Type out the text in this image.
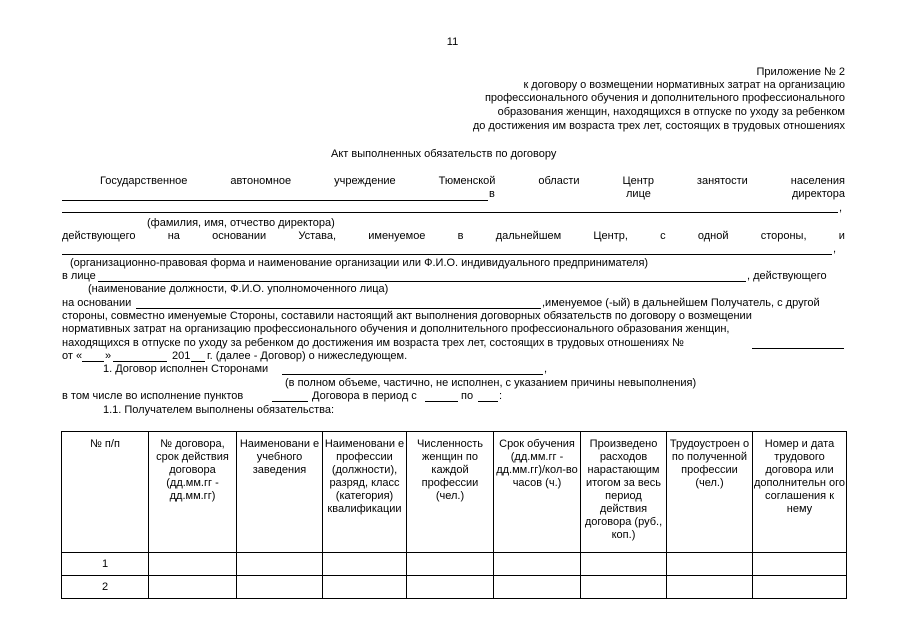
11
Приложение № 2
к договору о возмещении нормативных затрат на организацию
профессионального обучения и дополнительного профессионального
образования женщин, находящихся в отпуске по уходу за ребенком
до достижения им возраста трех лет, состоящих в трудовых отношениях
Акт выполненных обязательств по договору
Государственное	автономное	учреждение	Тюменской	области	Центр	занятости	населения
в	лице	директора
,
(фамилия, имя, отчество директора)
действующего	на	основании	Устава,	именуемое	в	дальнейшем	Центр,	с	одной	стороны,	и
,
(организационно-правовая форма и наименование организации или Ф.И.О. индивидуального предпринимателя)
в лице	, действующего
(наименование должности, Ф.И.О. уполномоченного лица)
на основании	,именуемое (-ый) в дальнейшем Получатель, с другой
стороны, совместно именуемые Стороны, составили настоящий акт выполнения договорных обязательств по договору о возмещении
нормативных затрат на организацию профессионального обучения и дополнительного профессионального образования женщин,
находящихся в отпуске по уходу за ребенком до достижения им возраста трех лет, состоящих в трудовых отношениях №
от « »	201 г. (далее - Договор) о нижеследующем.
1. Договор исполнен Сторонами	,
(в полном объеме, частично, не исполнен, с указанием причины невыполнения)
в том числе во исполнение пунктов	Договора в период с	по :
1.1. Получателем выполнены обязательства:
№ п/п	№ договора, срок действия договора (дд.мм.гг - дд.мм.гг)	Наименовани е учебного заведения	Наименовани е профессии (должности), разряд, класс (категория) квалификации	Численность женщин по каждой профессии (чел.)	Срок обучения (дд.мм.гг - дд.мм.гг)/кол-во часов (ч.)	Произведено расходов нарастающим итогом за весь период действия договора (руб., коп.)	Трудоустроен о по полученной профессии (чел.)	Номер и дата трудового договора или дополнительн ого соглашения к нему
1								
2								
